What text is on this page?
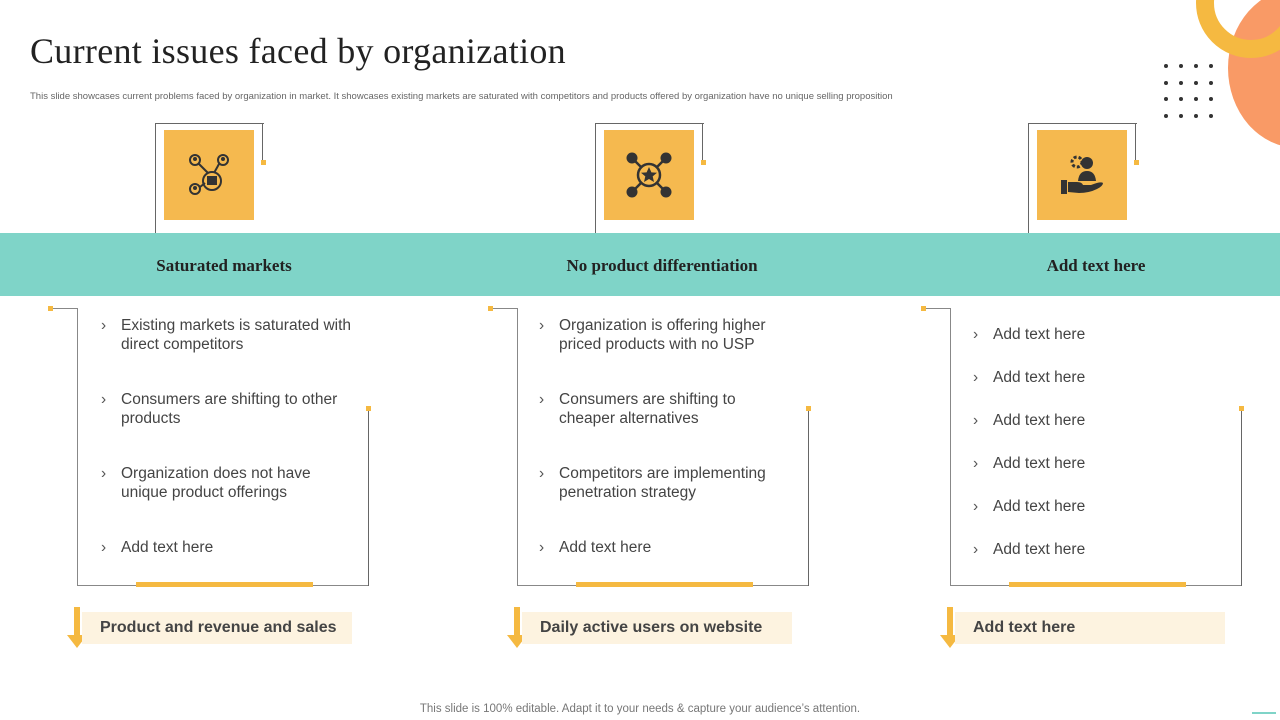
Current issues faced by organization
This slide showcases current problems faced by organization in market. It showcases existing markets are saturated with competitors and products offered by organization have no unique selling proposition
Saturated markets	No product differentiation	Add text here
› Existing markets is saturated with direct competitors
› Consumers are shifting to other products
› Organization does not have unique product offerings
› Add text here
› Organization is offering higher priced products with no USP
› Consumers are shifting to cheaper alternatives
› Competitors are implementing penetration strategy
› Add text here
› Add text here
› Add text here
› Add text here
› Add text here
› Add text here
› Add text here
Product and revenue and sales	Daily active users on website	Add text here
This slide is 100% editable. Adapt it to your needs & capture your audience’s attention.
